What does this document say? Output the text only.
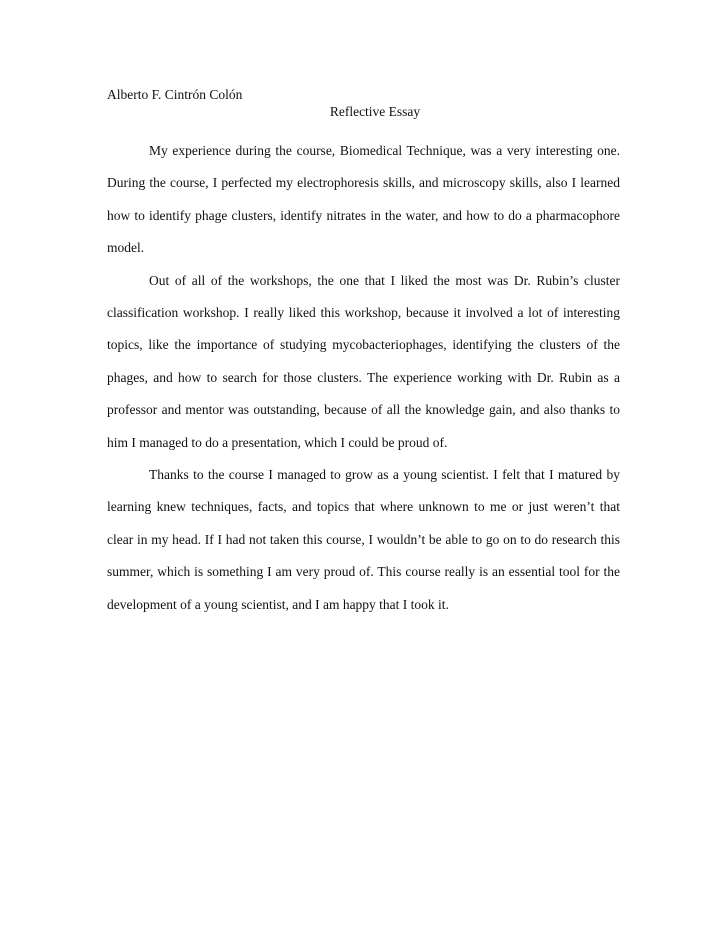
Alberto F. Cintrón Colón

Reflective Essay

My experience during the course, Biomedical Technique, was a very interesting one. During the course, I perfected my electrophoresis skills, and microscopy skills, also I learned how to identify phage clusters, identify nitrates in the water, and how to do a pharmacophore model.

Out of all of the workshops, the one that I liked the most was Dr. Rubin’s cluster classification workshop. I really liked this workshop, because it involved a lot of interesting topics, like the importance of studying mycobacteriophages, identifying the clusters of the phages, and how to search for those clusters. The experience working with Dr. Rubin as a professor and mentor was outstanding, because of all the knowledge gain, and also thanks to him I managed to do a presentation, which I could be proud of.

Thanks to the course I managed to grow as a young scientist. I felt that I matured by learning knew techniques, facts, and topics that where unknown to me or just weren’t that clear in my head. If I had not taken this course, I wouldn’t be able to go on to do research this summer, which is something I am very proud of. This course really is an essential tool for the development of a young scientist, and I am happy that I took it.
